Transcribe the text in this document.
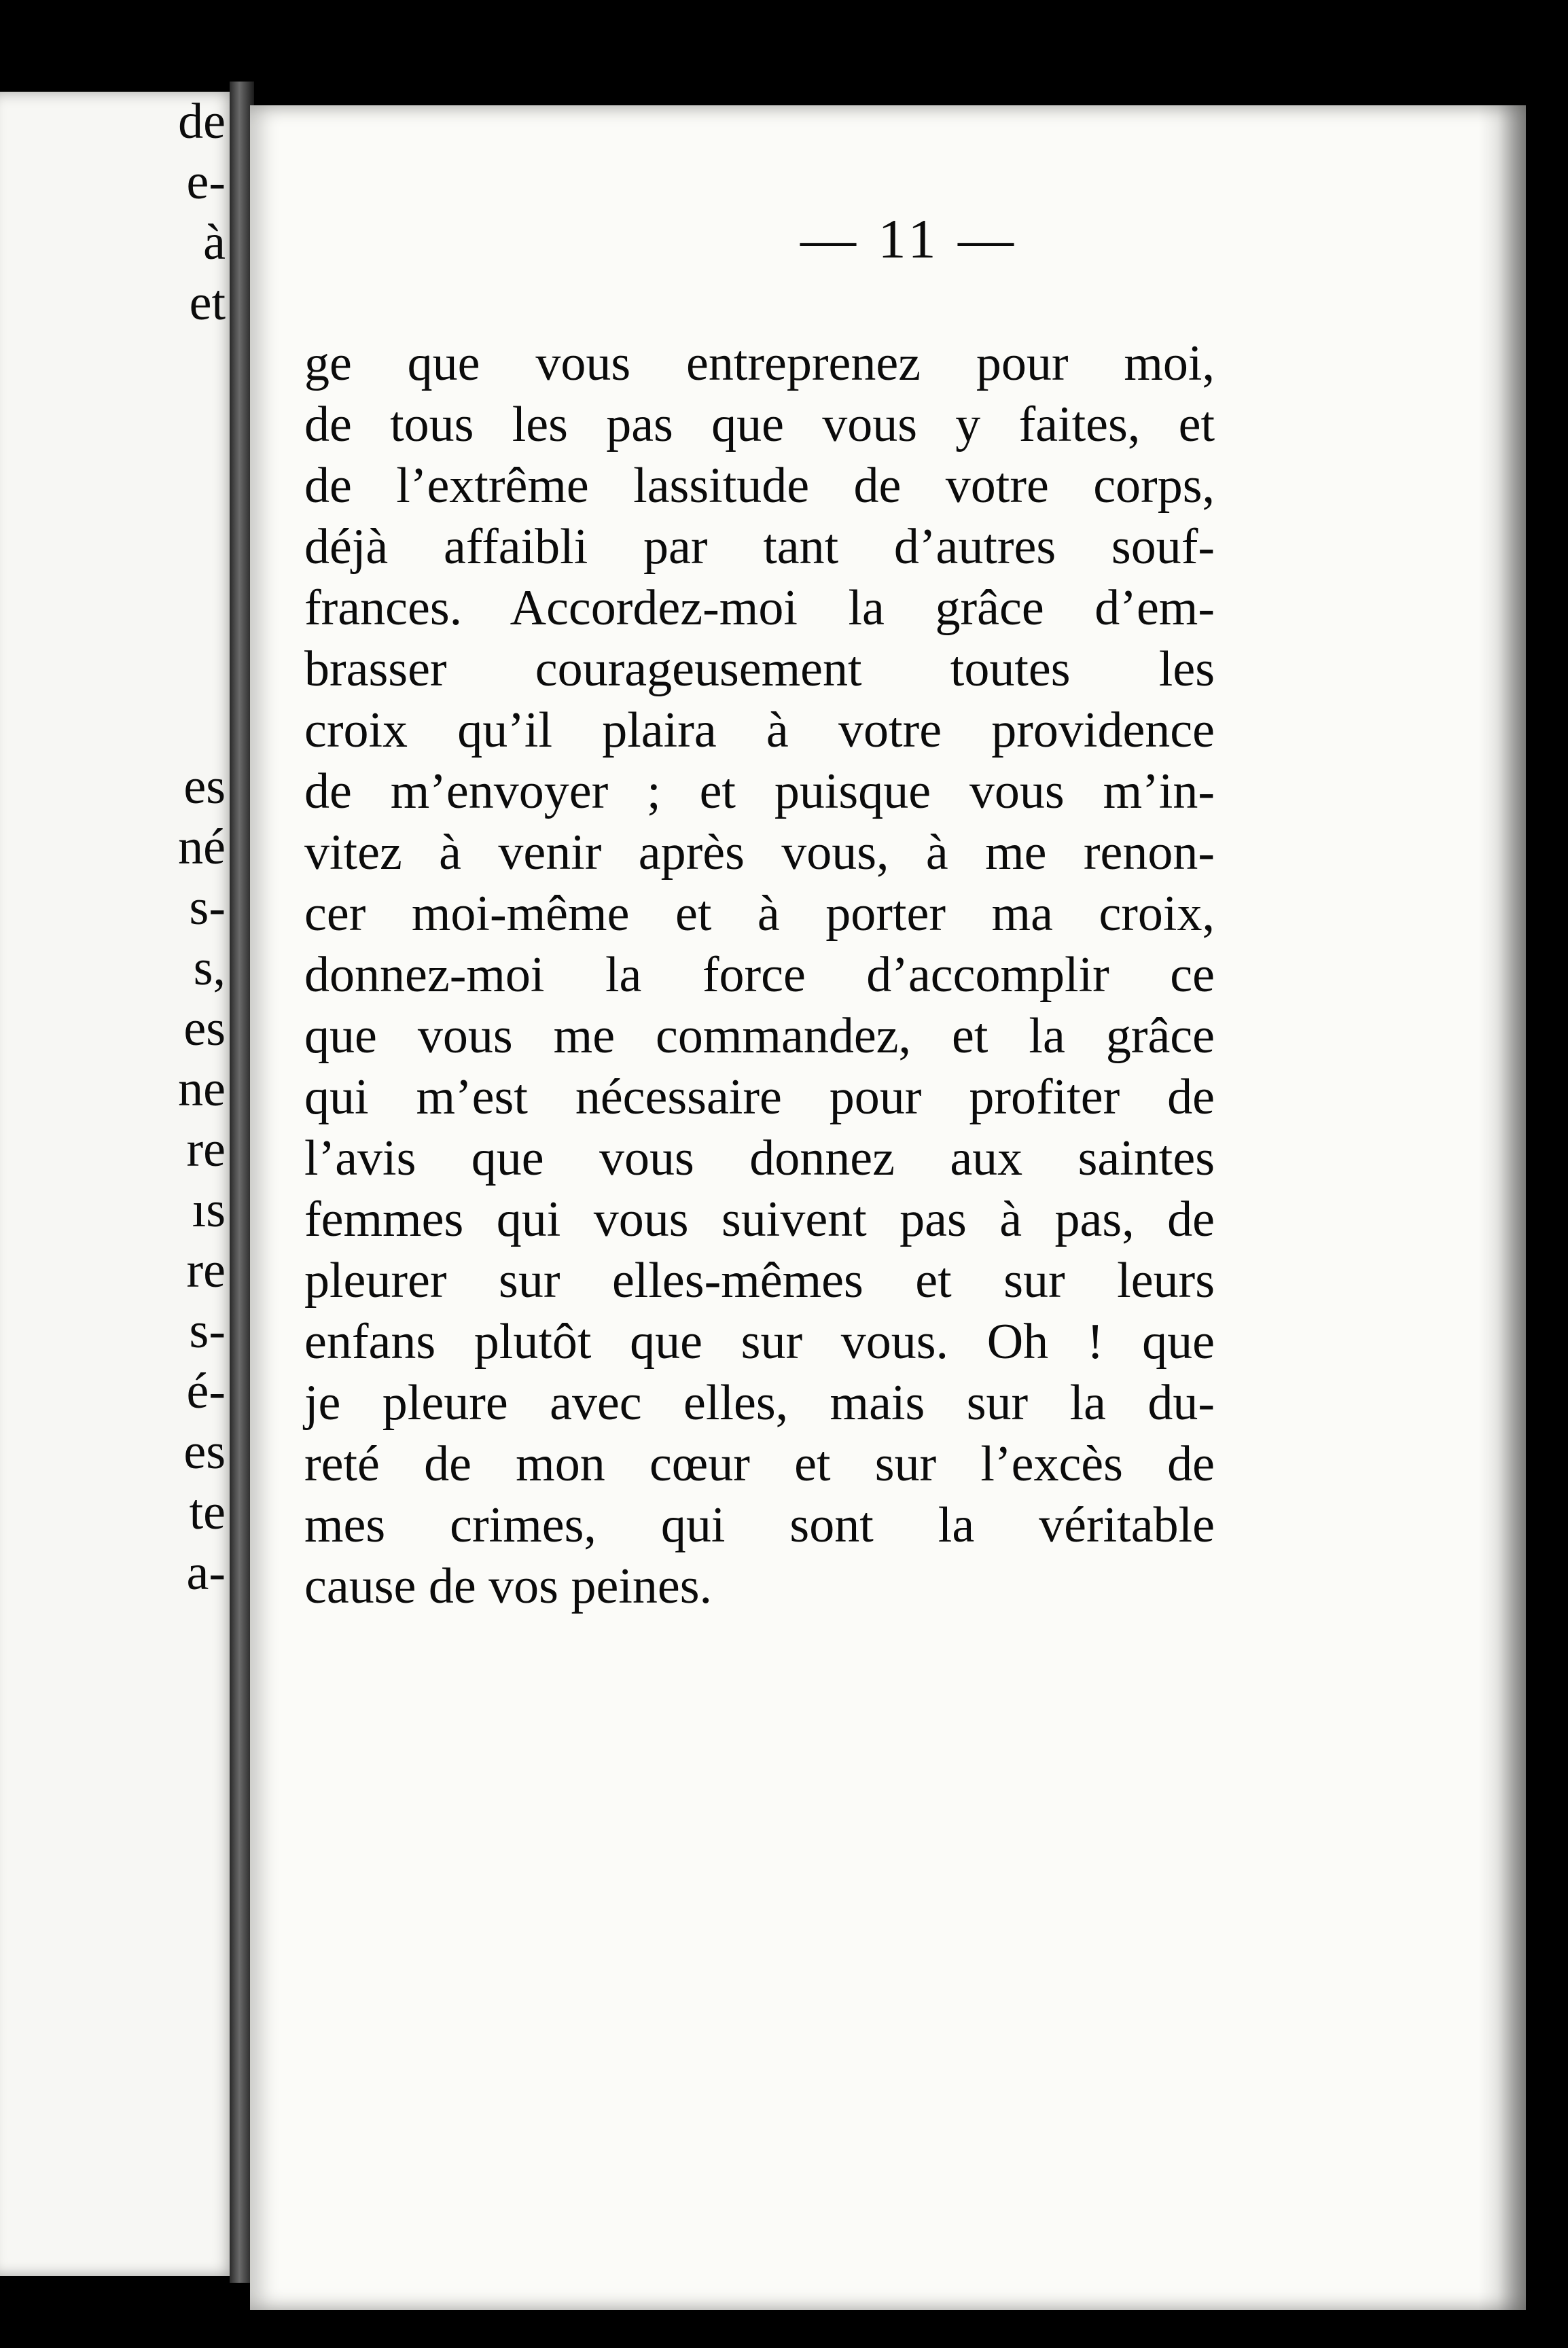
de
e-
à
et
es
né
s-
s,
es
ne
re
ıs
re
s-
é-
es
te
a-
— 11 —
ge que vous entreprenez pour moi,
de tous les pas que vous y faites, et
de l’extrême lassitude de votre corps,
déjà affaibli par tant d’autres souf-
frances. Accordez-moi la grâce d’em-
brasser courageusement toutes les
croix qu’il plaira à votre providence
de m’envoyer ; et puisque vous m’in-
vitez à venir après vous, à me renon-
cer moi-même et à porter ma croix,
donnez-moi la force d’accomplir ce
que vous me commandez, et la grâce
qui m’est nécessaire pour profiter de
l’avis que vous donnez aux saintes
femmes qui vous suivent pas à pas, de
pleurer sur elles-mêmes et sur leurs
enfans plutôt que sur vous. Oh ! que
je pleure avec elles, mais sur la du-
reté de mon cœur et sur l’excès de
mes crimes, qui sont la véritable
cause de vos peines.
